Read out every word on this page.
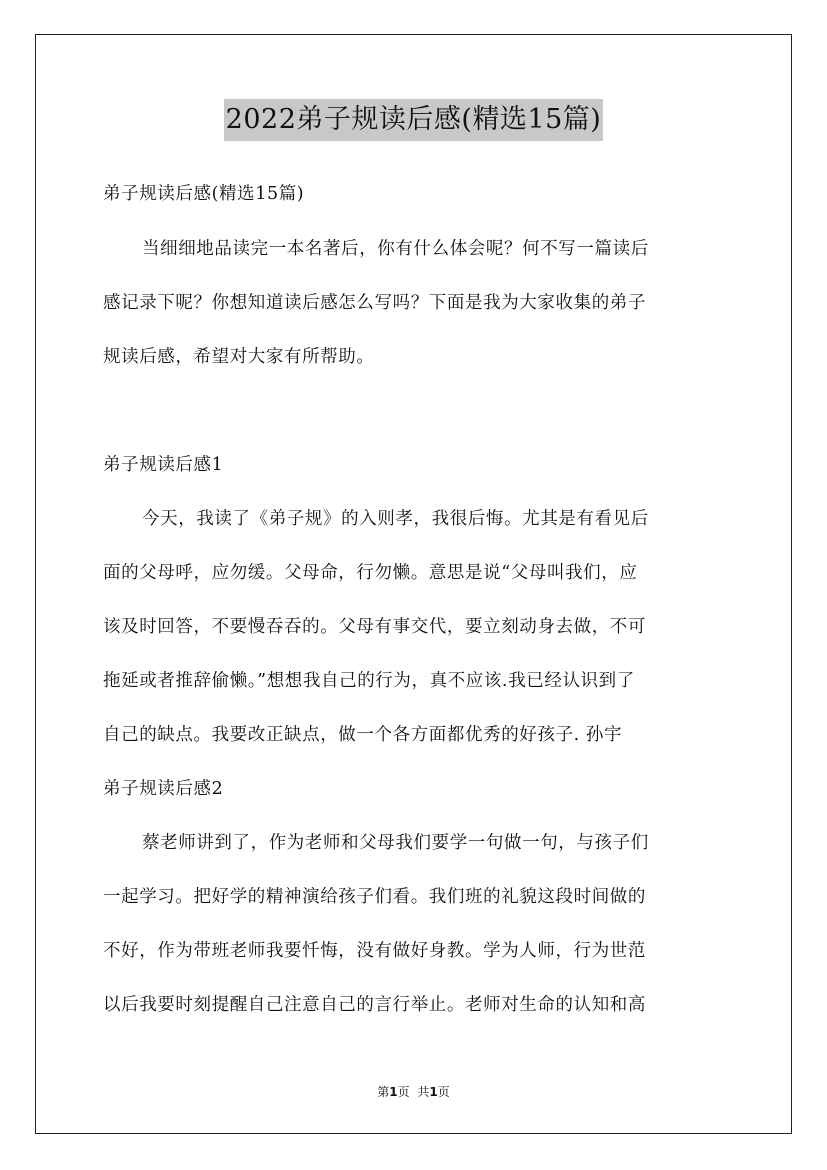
2022弟子规读后感(精选15篇)
弟子规读后感(精选15篇)
当细细地品读完一本名著后，你有什么体会呢？何不写一篇读后
感记录下呢？你想知道读后感怎么写吗？下面是我为大家收集的弟子
规读后感，希望对大家有所帮助。
弟子规读后感1
今天，我读了《弟子规》的入则孝，我很后悔。尤其是有看见后
面的父母呼，应勿缓。父母命，行勿懒。意思是说“父母叫我们，应
该及时回答，不要慢吞吞的。父母有事交代，要立刻动身去做，不可
拖延或者推辞偷懒。”想想我自己的行为，真不应该.我已经认识到了
自己的缺点。我要改正缺点，做一个各方面都优秀的好孩子. 孙宇
弟子规读后感2
蔡老师讲到了，作为老师和父母我们要学一句做一句，与孩子们
一起学习。把好学的精神演给孩子们看。我们班的礼貌这段时间做的
不好，作为带班老师我要忏悔，没有做好身教。学为人师，行为世范
以后我要时刻提醒自己注意自己的言行举止。老师对生命的认知和高
第1页 共1页
